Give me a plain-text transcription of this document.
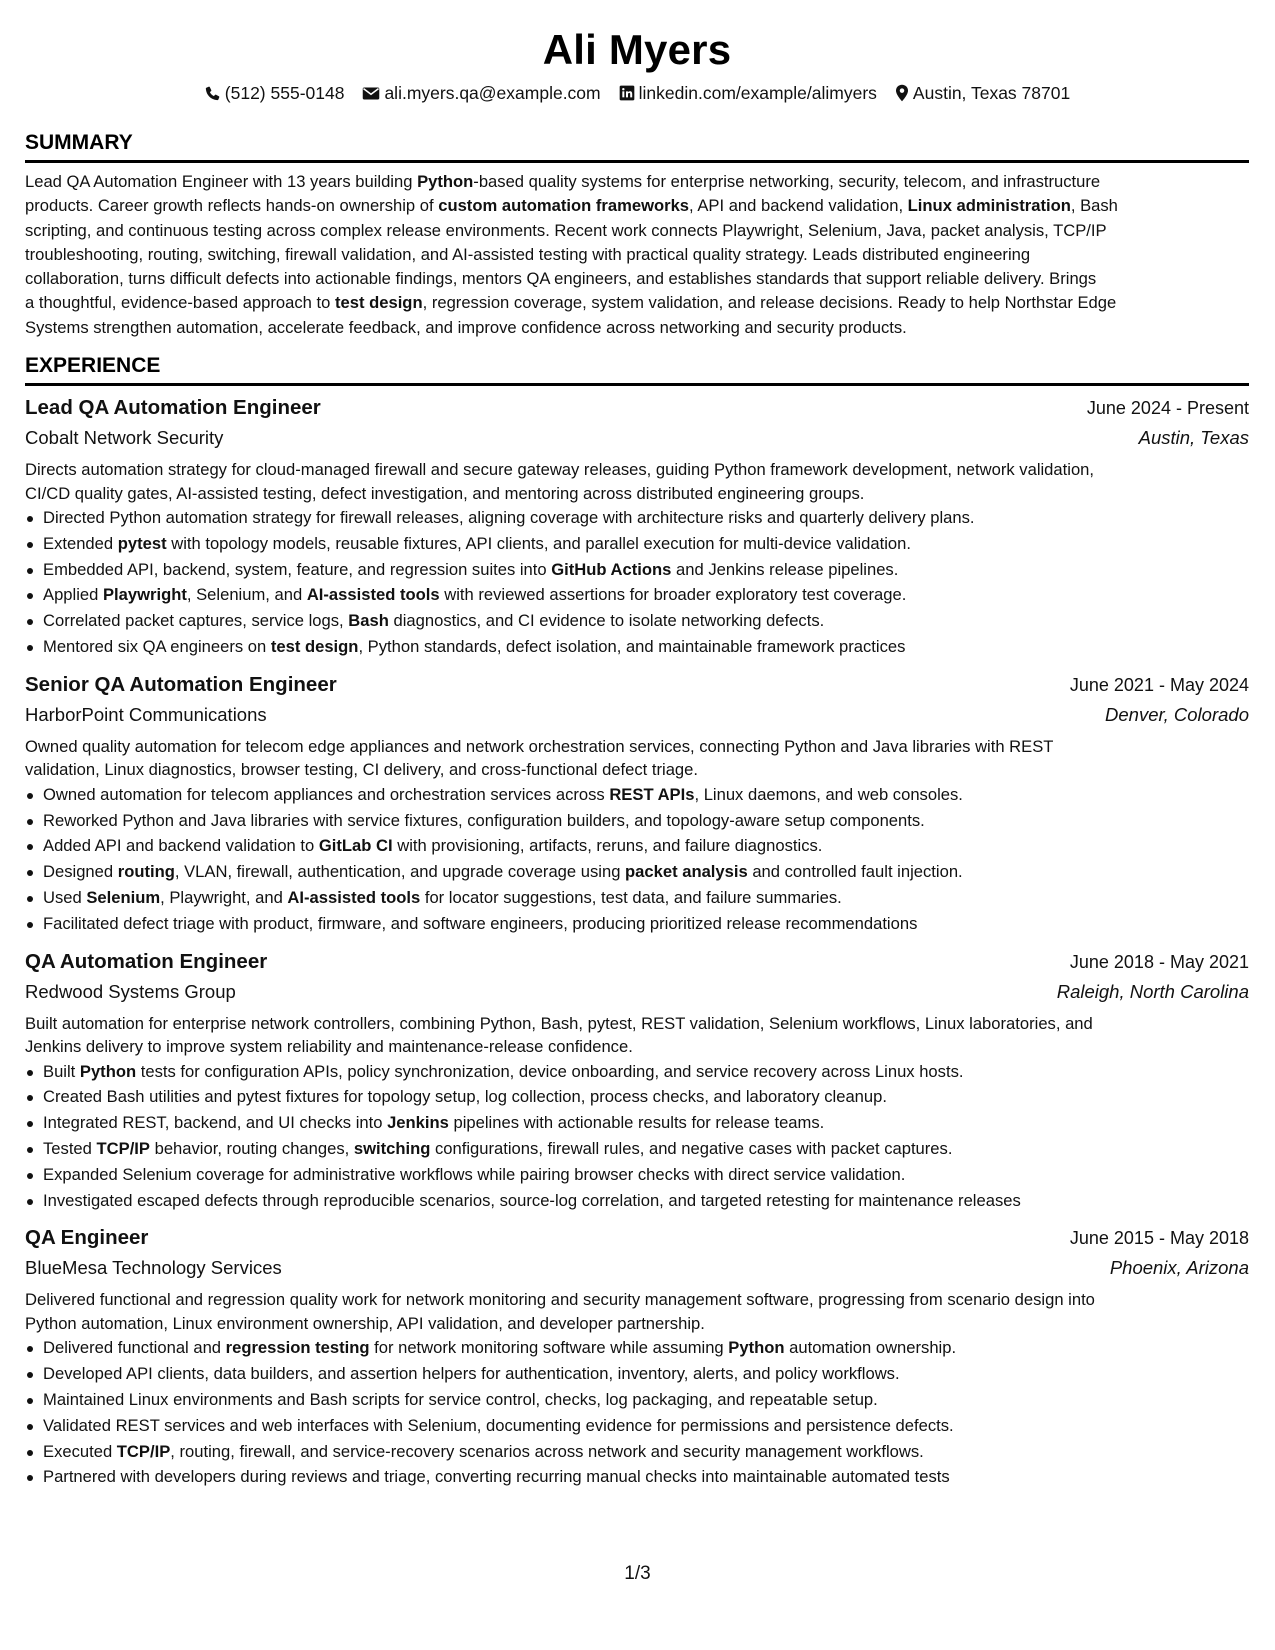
Ali Myers
(512) 555-0148 ali.myers.qa@example.com linkedin.com/example/alimyers Austin, Texas 78701
SUMMARY
Lead QA Automation Engineer with 13 years building Python-based quality systems for enterprise networking, security, telecom, and infrastructure
products. Career growth reflects hands-on ownership of custom automation frameworks, API and backend validation, Linux administration, Bash
scripting, and continuous testing across complex release environments. Recent work connects Playwright, Selenium, Java, packet analysis, TCP/IP
troubleshooting, routing, switching, firewall validation, and AI-assisted testing with practical quality strategy. Leads distributed engineering
collaboration, turns difficult defects into actionable findings, mentors QA engineers, and establishes standards that support reliable delivery. Brings
a thoughtful, evidence-based approach to test design, regression coverage, system validation, and release decisions. Ready to help Northstar Edge
Systems strengthen automation, accelerate feedback, and improve confidence across networking and security products.
EXPERIENCE
Lead QA Automation Engineer	June 2024 - Present
Cobalt Network Security	Austin, Texas
Directs automation strategy for cloud-managed firewall and secure gateway releases, guiding Python framework development, network validation,
CI/CD quality gates, AI-assisted testing, defect investigation, and mentoring across distributed engineering groups.
Directed Python automation strategy for firewall releases, aligning coverage with architecture risks and quarterly delivery plans.
Extended pytest with topology models, reusable fixtures, API clients, and parallel execution for multi-device validation.
Embedded API, backend, system, feature, and regression suites into GitHub Actions and Jenkins release pipelines.
Applied Playwright, Selenium, and AI-assisted tools with reviewed assertions for broader exploratory test coverage.
Correlated packet captures, service logs, Bash diagnostics, and CI evidence to isolate networking defects.
Mentored six QA engineers on test design, Python standards, defect isolation, and maintainable framework practices
Senior QA Automation Engineer	June 2021 - May 2024
HarborPoint Communications	Denver, Colorado
Owned quality automation for telecom edge appliances and network orchestration services, connecting Python and Java libraries with REST
validation, Linux diagnostics, browser testing, CI delivery, and cross-functional defect triage.
Owned automation for telecom appliances and orchestration services across REST APIs, Linux daemons, and web consoles.
Reworked Python and Java libraries with service fixtures, configuration builders, and topology-aware setup components.
Added API and backend validation to GitLab CI with provisioning, artifacts, reruns, and failure diagnostics.
Designed routing, VLAN, firewall, authentication, and upgrade coverage using packet analysis and controlled fault injection.
Used Selenium, Playwright, and AI-assisted tools for locator suggestions, test data, and failure summaries.
Facilitated defect triage with product, firmware, and software engineers, producing prioritized release recommendations
QA Automation Engineer	June 2018 - May 2021
Redwood Systems Group	Raleigh, North Carolina
Built automation for enterprise network controllers, combining Python, Bash, pytest, REST validation, Selenium workflows, Linux laboratories, and
Jenkins delivery to improve system reliability and maintenance-release confidence.
Built Python tests for configuration APIs, policy synchronization, device onboarding, and service recovery across Linux hosts.
Created Bash utilities and pytest fixtures for topology setup, log collection, process checks, and laboratory cleanup.
Integrated REST, backend, and UI checks into Jenkins pipelines with actionable results for release teams.
Tested TCP/IP behavior, routing changes, switching configurations, firewall rules, and negative cases with packet captures.
Expanded Selenium coverage for administrative workflows while pairing browser checks with direct service validation.
Investigated escaped defects through reproducible scenarios, source-log correlation, and targeted retesting for maintenance releases
QA Engineer	June 2015 - May 2018
BlueMesa Technology Services	Phoenix, Arizona
Delivered functional and regression quality work for network monitoring and security management software, progressing from scenario design into
Python automation, Linux environment ownership, API validation, and developer partnership.
Delivered functional and regression testing for network monitoring software while assuming Python automation ownership.
Developed API clients, data builders, and assertion helpers for authentication, inventory, alerts, and policy workflows.
Maintained Linux environments and Bash scripts for service control, checks, log packaging, and repeatable setup.
Validated REST services and web interfaces with Selenium, documenting evidence for permissions and persistence defects.
Executed TCP/IP, routing, firewall, and service-recovery scenarios across network and security management workflows.
Partnered with developers during reviews and triage, converting recurring manual checks into maintainable automated tests
1/3
